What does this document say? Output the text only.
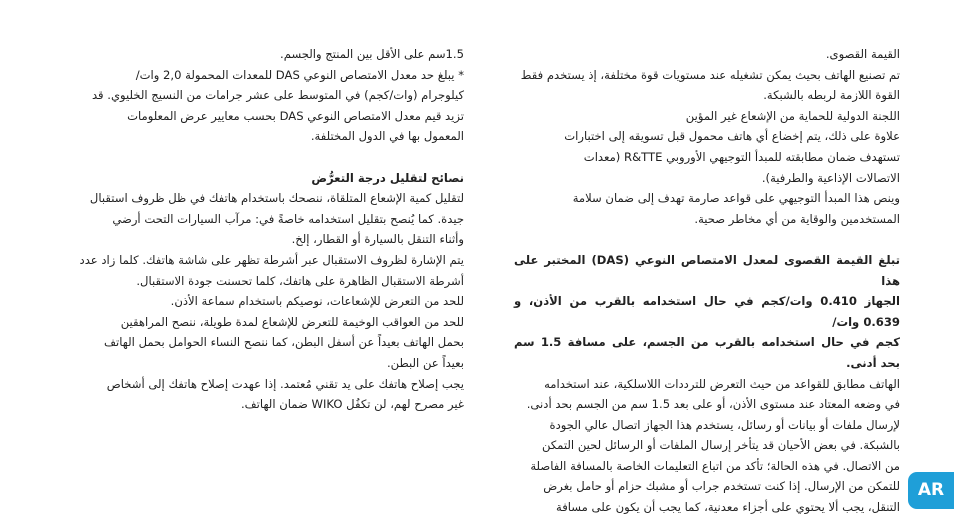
القيمة القصوى.

تم تصنيع الهاتف بحيث يمكن تشغيله عند مستويات قوة مختلفة، إذ يستخدم فقط

القوة اللازمة لربطه بالشبكة.

اللجنة الدولية للحماية من الإشعاع غير المؤين

علاوة على ذلك، يتم إخضاع أي هاتف محمول قبل تسويقه إلى اختبارات

تستهدف ضمان مطابقته للمبدأ التوجيهي الأوروبي R&TTE (معدات

الاتصالات الإذاعية والطرفية).

وينص هذا المبدأ التوجيهي على قواعد صارمة تهدف إلى ضمان سلامة

المستخدمين والوقاية من أي مخاطر صحية.

تبلغ القيمة القصوى لمعدل الامتصاص النوعي (DAS) المختبر على هذا

الجهاز 0.410 وات/كجم في حال استخدامه بالقرب من الأذن، و 0.639 وات/

كجم في حال استخدامه بالقرب من الجسم، على مسافة 1.5 سم بحد أدنى.

الهاتف مطابق للقواعد من حيث التعرض للترددات اللاسلكية، عند استخدامه

في وضعه المعتاد عند مستوى الأذن، أو على بعد 1.5 سم من الجسم بحد أدنى.

لإرسال ملفات أو بيانات أو رسائل، يستخدم هذا الجهاز اتصال عالي الجودة

بالشبكة. في بعض الأحيان قد يتأخر إرسال الملفات أو الرسائل لحين التمكن

من الاتصال. في هذه الحالة؛ تأكد من اتباع التعليمات الخاصة بالمسافة الفاصلة

للتمكن من الإرسال. إذا كنت تستخدم جراب أو مشبك حزام أو حامل بغرض

التنقل، يجب ألا يحتوي على أجزاء معدنية، كما يجب أن يكون على مسافة

1.5سم على الأقل بين المنتج والجسم.

* يبلغ حد معدل الامتصاص النوعي DAS للمعدات المحمولة 2,0 وات/

كيلوجرام (وات/كجم) في المتوسط على عشر جرامات من النسيج الخليوي. قد

تزيد قيم معدل الامتصاص النوعي DAS بحسب معايير عرض المعلومات

المعمول بها في الدول المختلفة.

نصائح لتقليل درجة التعرُّض

لتقليل كمية الإشعاع المتلقاة، ننصحك باستخدام هاتفك في ظل ظروف استقبال

جيدة. كما يُنصح بتقليل استخدامه خاصةً في: مرآب السيارات التحت أرضي

وأثناء التنقل بالسيارة أو القطار، إلخ.

يتم الإشارة لظروف الاستقبال عبر أشرطة تظهر على شاشة هاتفك. كلما زاد عدد

أشرطة الاستقبال الظاهرة على هاتفك، كلما تحسنت جودة الاستقبال.

للحد من التعرض للإشعاعات، نوصيكم باستخدام سماعة الأذن.

للحد من العواقب الوخيمة للتعرض للإشعاع لمدة طويلة، ننصح المراهقين

بحمل الهاتف بعيداً عن أسفل البطن، كما ننصح النساء الحوامل بحمل الهاتف

بعيداً عن البطن.

يجب إصلاح هاتفك على يد تقني مُعتمد. إذا عهدت إصلاح هاتفك إلى أشخاص

غير مصرح لهم، لن تكفُل WIKO ضمان الهاتف.

AR
